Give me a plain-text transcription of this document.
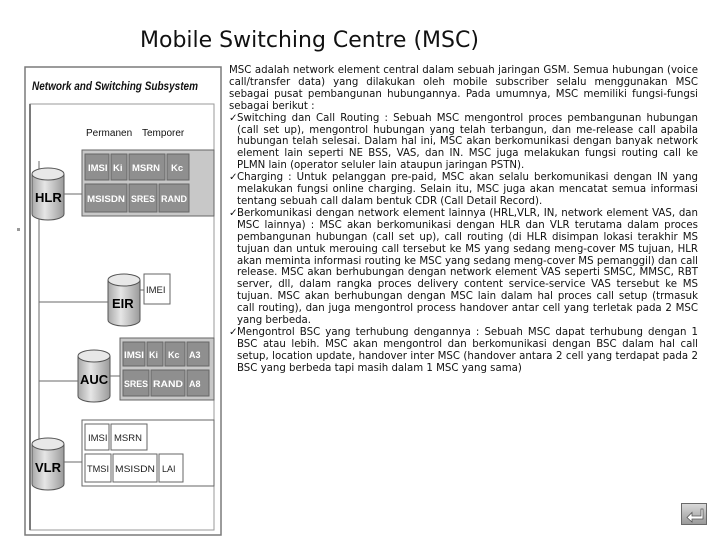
Mobile Switching Centre (MSC)
Network and Switching Subsystem
Permanen Temporer
HLR
IMSI Ki MSRN Kc
MSISDN SRES RAND
EIR
IMEI
AUC
IMSI Ki Kc A3
SRES RAND A8
VLR
IMSI MSRN
TMSI MSISDN LAI

MSC adalah network element central dalam sebuah jaringan GSM. Semua hubungan (voice call/transfer data) yang dilakukan oleh mobile subscriber selalu menggunakan MSC sebagai pusat pembangunan hubungannya. Pada umumnya, MSC memiliki fungsi-fungsi sebagai berikut :

✓ Switching dan Call Routing : Sebuah MSC mengontrol proces pembangunan hubungan (call set up), mengontrol hubungan yang telah terbangun, dan me-release call apabila hubungan telah selesai. Dalam hal ini, MSC akan berkomunikasi dengan banyak network element lain seperti NE BSS, VAS, dan IN. MSC juga melakukan fungsi routing call ke PLMN lain (operator seluler lain ataupun jaringan PSTN).

✓ Charging : Untuk pelanggan pre-paid, MSC akan selalu berkomunikasi dengan IN yang melakukan fungsi online charging. Selain itu, MSC juga akan mencatat semua informasi tentang sebuah call dalam bentuk CDR (Call Detail Record).

✓ Berkomunikasi dengan network element lainnya (HRL,VLR, IN, network element VAS, dan MSC lainnya) : MSC akan berkomunikasi dengan HLR dan VLR terutama dalam proces pembangunan hubungan (call set up), call routing (di HLR disimpan lokasi terakhir MS tujuan dan untuk merouing call tersebut ke MS yang sedang meng-cover MS tujuan, HLR akan meminta informasi routing ke MSC yang sedang meng-cover MS pemanggil) dan call release. MSC akan berhubungan dengan network element VAS seperti SMSC, MMSC, RBT server, dll, dalam rangka proces delivery content service-service VAS tersebut ke MS tujuan. MSC akan berhubungan dengan MSC lain dalam hal proces call setup (trmasuk call routing), dan juga mengontrol process handover antar cell yang terletak pada 2 MSC yang berbeda.

✓ Mengontrol BSC yang terhubung dengannya : Sebuah MSC dapat terhubung dengan 1 BSC atau lebih. MSC akan mengontrol dan berkomunikasi dengan BSC dalam hal call setup, location update, handover inter MSC (handover antara 2 cell yang terdapat pada 2 BSC yang berbeda tapi masih dalam 1 MSC yang sama)
